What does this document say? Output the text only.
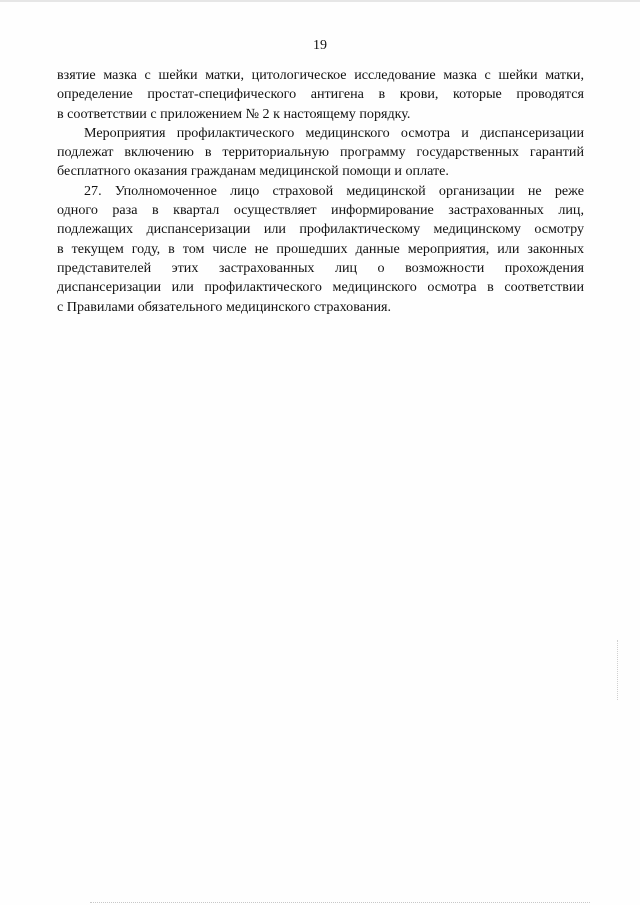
19
взятие мазка с шейки матки, цитологическое исследование мазка с шейки матки,
определение простат-специфического антигена в крови, которые проводятся
в соответствии с приложением № 2 к настоящему порядку.
Мероприятия профилактического медицинского осмотра и диспансеризации
подлежат включению в территориальную программу государственных гарантий
бесплатного оказания гражданам медицинской помощи и оплате.
27. Уполномоченное лицо страховой медицинской организации не реже
одного раза в квартал осуществляет информирование застрахованных лиц,
подлежащих диспансеризации или профилактическому медицинскому осмотру
в текущем году, в том числе не прошедших данные мероприятия, или законных
представителей этих застрахованных лиц о возможности прохождения
диспансеризации или профилактического медицинского осмотра в соответствии
с Правилами обязательного медицинского страхования.
